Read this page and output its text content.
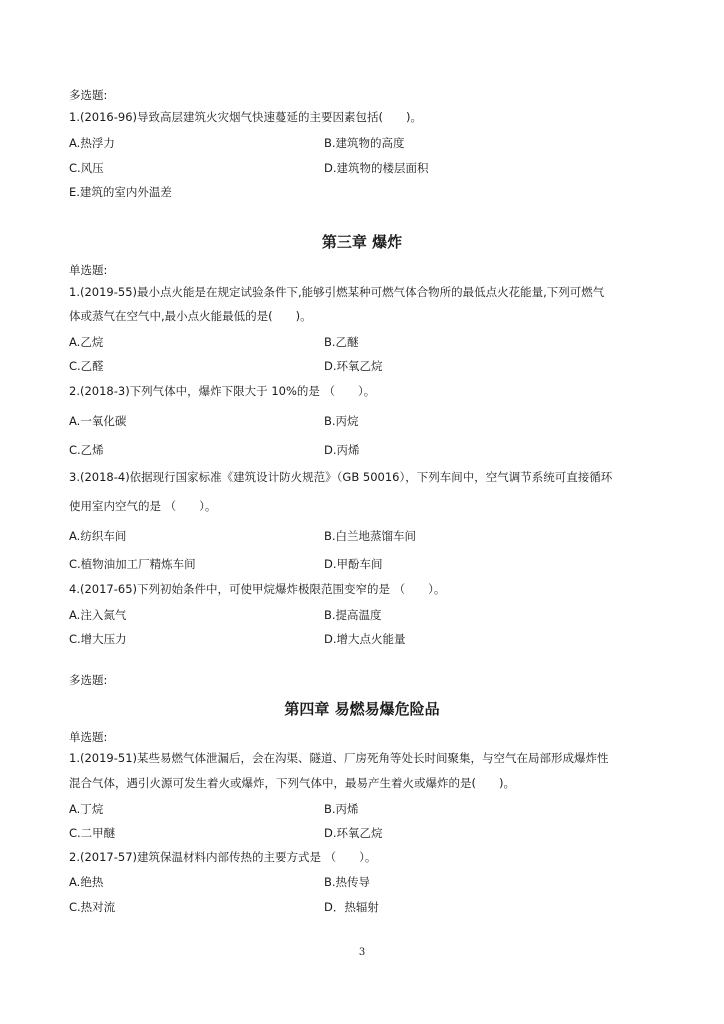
多选题:
1.(2016-96)导致高层建筑火灾烟气快速蔓延的主要因素包括(　　)。
A.热浮力	B.建筑物的高度
C.风压	D.建筑物的楼层面积
E.建筑的室内外温差
第三章 爆炸
单选题:
1.(2019-55)最小点火能是在规定试验条件下,能够引燃某种可燃气体合物所的最低点火花能量,下列可燃气
体或蒸气在空气中,最小点火能最低的是(　　)。
A.乙烷	B.乙醚
C.乙醛	D.环氧乙烷
2.(2018-3)下列气体中，爆炸下限大于 10%的是 （　　）。
A.一氧化碳	B.丙烷
C.乙烯	D.丙烯
3.(2018-4)依据现行国家标准《建筑设计防火规范》（GB 50016），下列车间中，空气调节系统可直接循环
使用室内空气的是 （　　）。
A.纺织车间	B.白兰地蒸馏车间
C.植物油加工厂精炼车间	D.甲酚车间
4.(2017-65)下列初始条件中，可使甲烷爆炸极限范围变窄的是 （　　）。
A.注入氮气	B.提高温度
C.增大压力	D.增大点火能量
多选题:
第四章 易燃易爆危险品
单选题:
1.(2019-51)某些易燃气体泄漏后，会在沟渠、隧道、厂房死角等处长时间聚集，与空气在局部形成爆炸性
混合气体，遇引火源可发生着火或爆炸，下列气体中，最易产生着火或爆炸的是(　　)。
A.丁烷	B.丙烯
C.二甲醚	D.环氧乙烷
2.(2017-57)建筑保温材料内部传热的主要方式是 （　　）。
A.绝热	B.热传导
C.热对流	D．热辐射
3
